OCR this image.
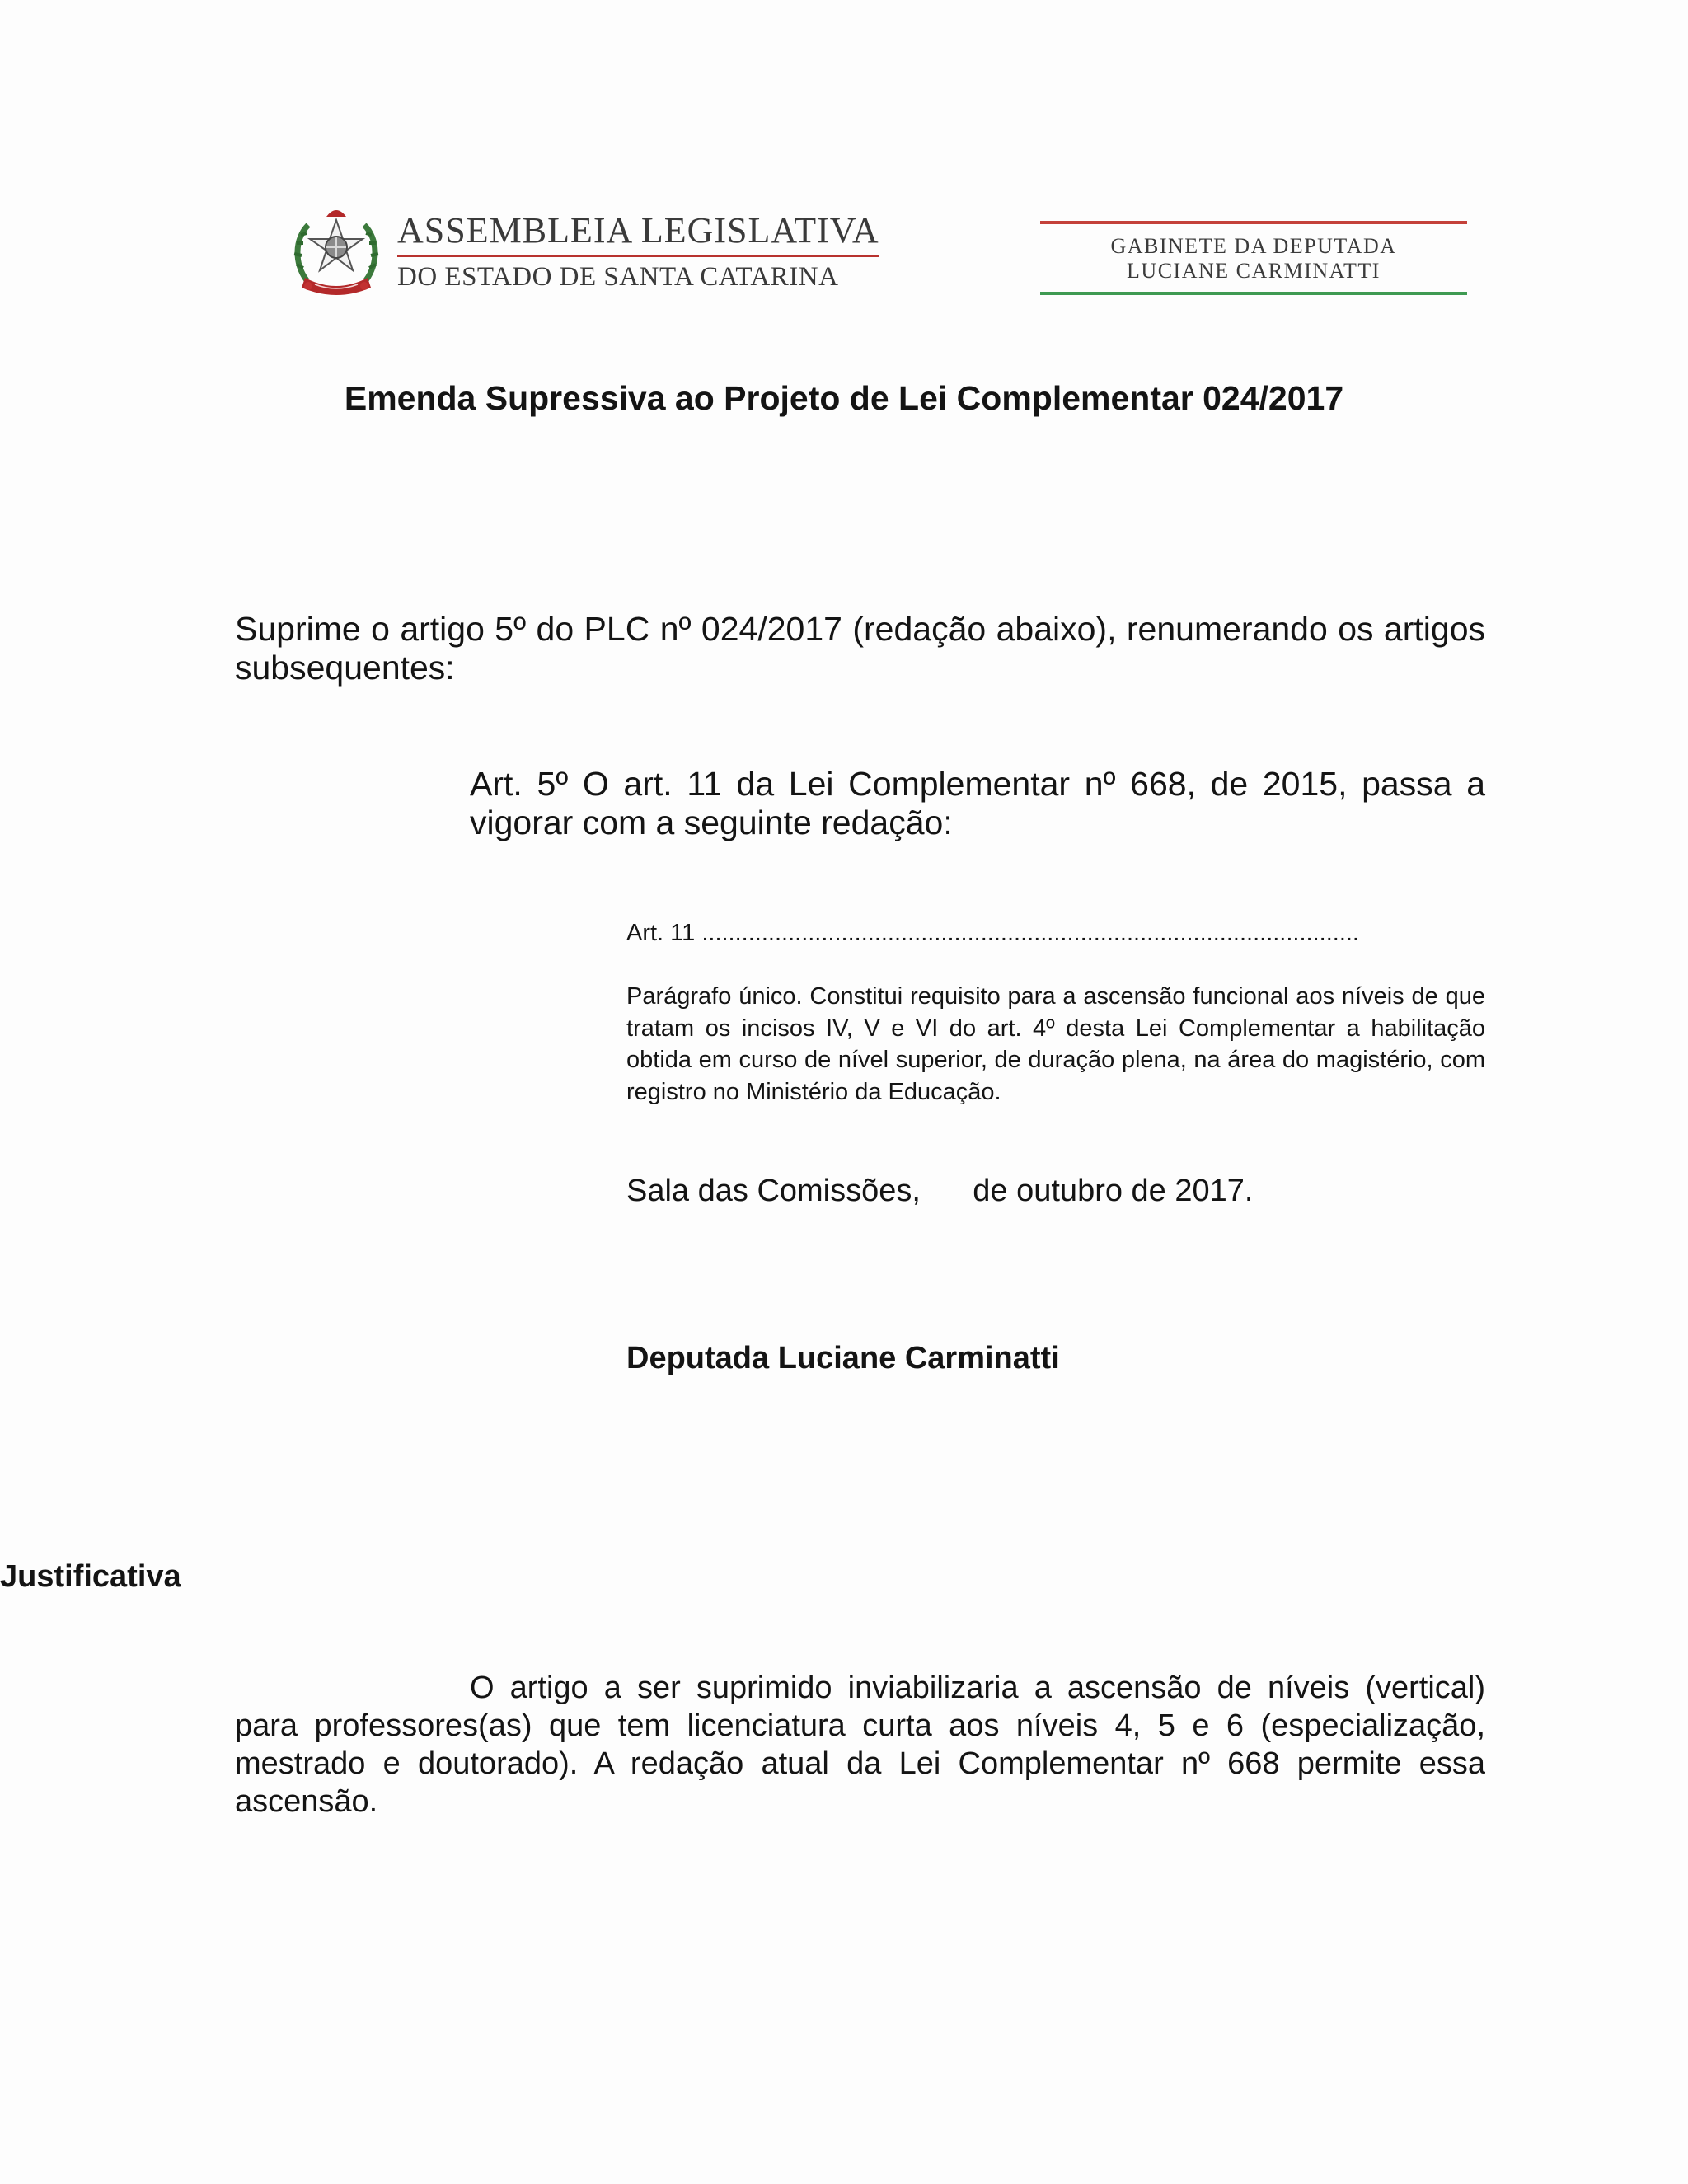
ASSEMBLEIA LEGISLATIVA
DO ESTADO DE SANTA CATARINA
GABINETE DA DEPUTADA
LUCIANE CARMINATTI
Emenda Supressiva ao Projeto de Lei Complementar 024/2017

Suprime o artigo 5º do PLC nº 024/2017 (redação abaixo), renumerando os artigos subsequentes:

Art. 5º O art. 11 da Lei Complementar nº 668, de 2015, passa a vigorar com a seguinte redação:

Art. 11 ...................................................................................................

Parágrafo único. Constitui requisito para a ascensão funcional aos níveis de que tratam os incisos IV, V e VI do art. 4º desta Lei Complementar a habilitação obtida em curso de nível superior, de duração plena, na área do magistério, com registro no Ministério da Educação.

Sala das Comissões,      de outubro de 2017.

Deputada Luciane Carminatti

Justificativa

O artigo a ser suprimido inviabilizaria a ascensão de níveis (vertical) para professores(as) que tem licenciatura curta aos níveis 4, 5 e 6 (especialização, mestrado e doutorado). A redação atual da Lei Complementar nº 668 permite essa ascensão.
